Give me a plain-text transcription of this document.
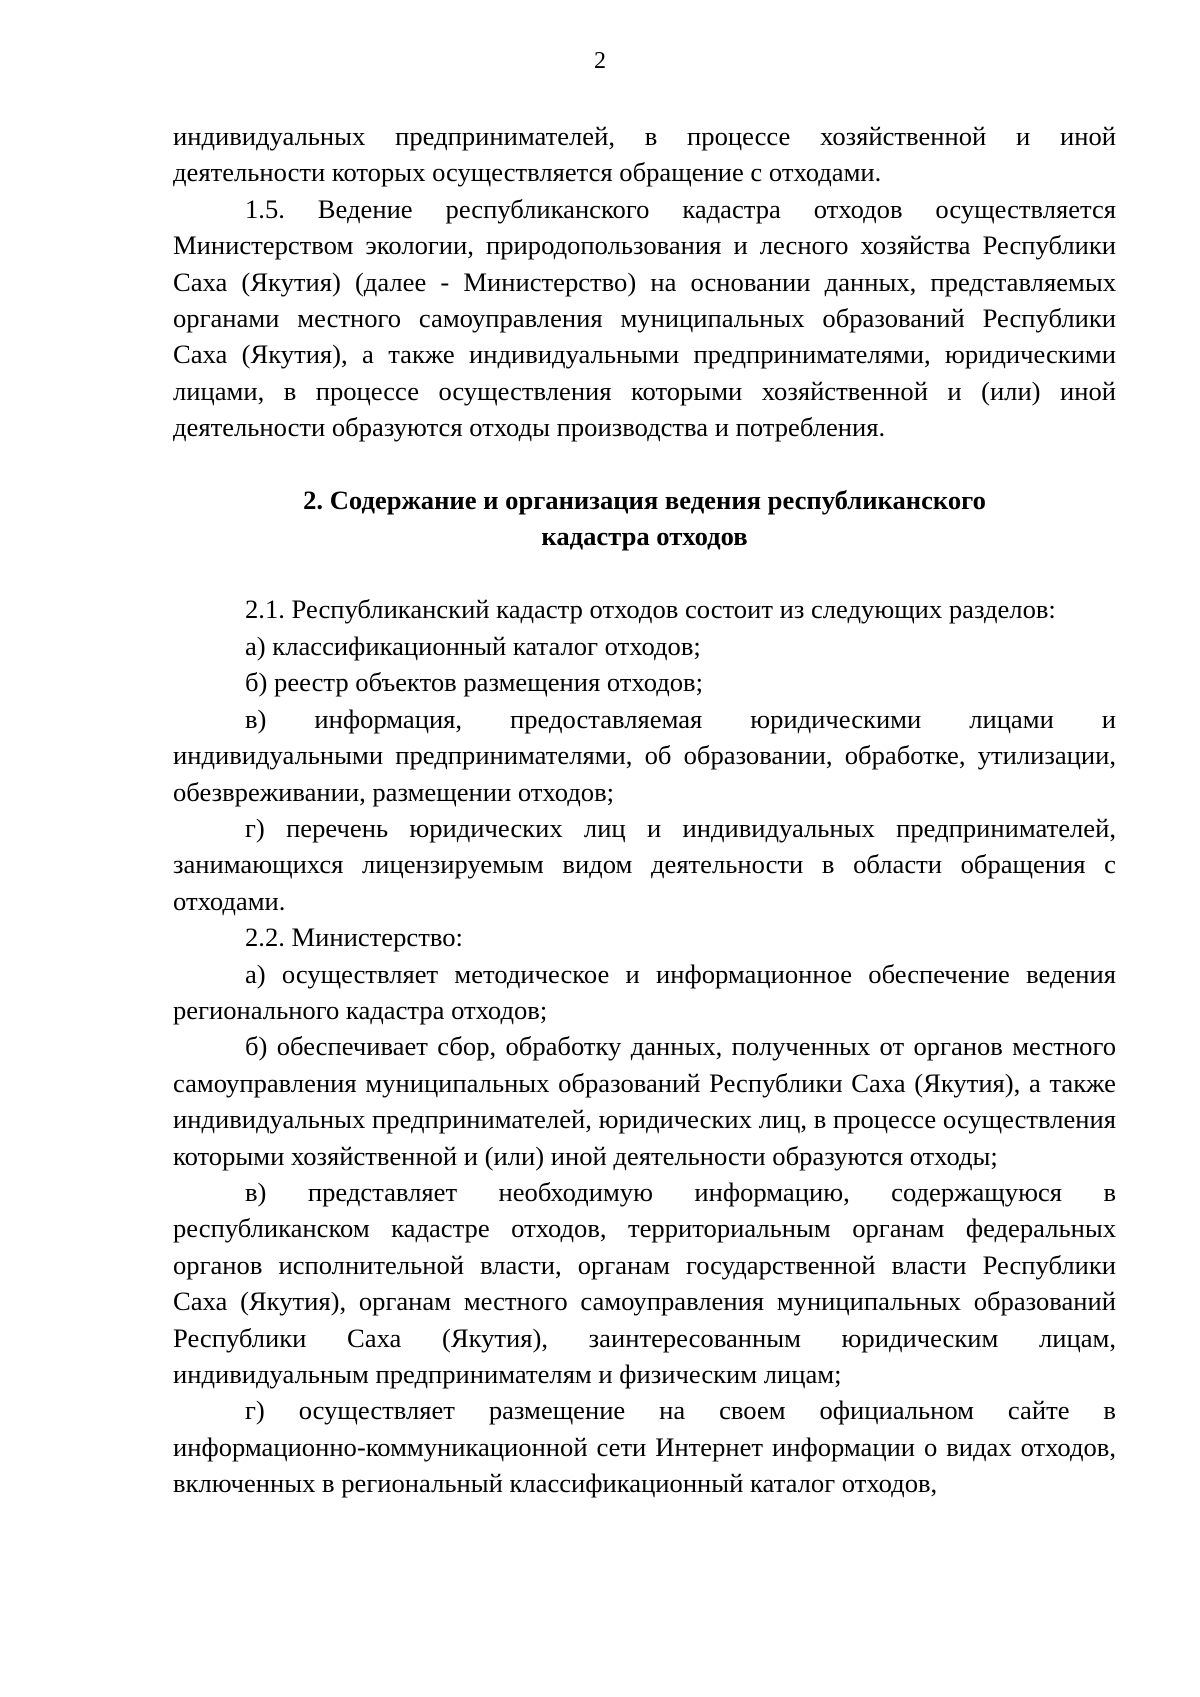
2

индивидуальных предпринимателей, в процессе хозяйственной и иной деятельности которых осуществляется обращение с отходами.

1.5. Ведение республиканского кадастра отходов осуществляется Министерством экологии, природопользования и лесного хозяйства Республики Саха (Якутия) (далее - Министерство) на основании данных, представляемых органами местного самоуправления муниципальных образований Республики Саха (Якутия), а также индивидуальными предпринимателями, юридическими лицами, в процессе осуществления которыми хозяйственной и (или) иной деятельности образуются отходы производства и потребления.

2. Содержание и организация ведения республиканского

кадастра отходов

2.1. Республиканский кадастр отходов состоит из следующих разделов:

а) классификационный каталог отходов;

б) реестр объектов размещения отходов;

в) информация, предоставляемая юридическими лицами и индивидуальными предпринимателями, об образовании, обработке, утилизации, обезвреживании, размещении отходов;

г) перечень юридических лиц и индивидуальных предпринимателей, занимающихся лицензируемым видом деятельности в области обращения с отходами.

2.2. Министерство:

а) осуществляет методическое и информационное обеспечение ведения регионального кадастра отходов;

б) обеспечивает сбор, обработку данных, полученных от органов местного самоуправления муниципальных образований Республики Саха (Якутия), а также индивидуальных предпринимателей, юридических лиц, в процессе осуществления которыми хозяйственной и (или) иной деятельности образуются отходы;

в) представляет необходимую информацию, содержащуюся в республиканском кадастре отходов, территориальным органам федеральных органов исполнительной власти, органам государственной власти Республики Саха (Якутия), органам местного самоуправления муниципальных образований Республики Саха (Якутия), заинтересованным юридическим лицам, индивидуальным предпринимателям и физическим лицам;

г) осуществляет размещение на своем официальном сайте в информационно-коммуникационной сети Интернет информации о видах отходов, включенных в региональный классификационный каталог отходов,
